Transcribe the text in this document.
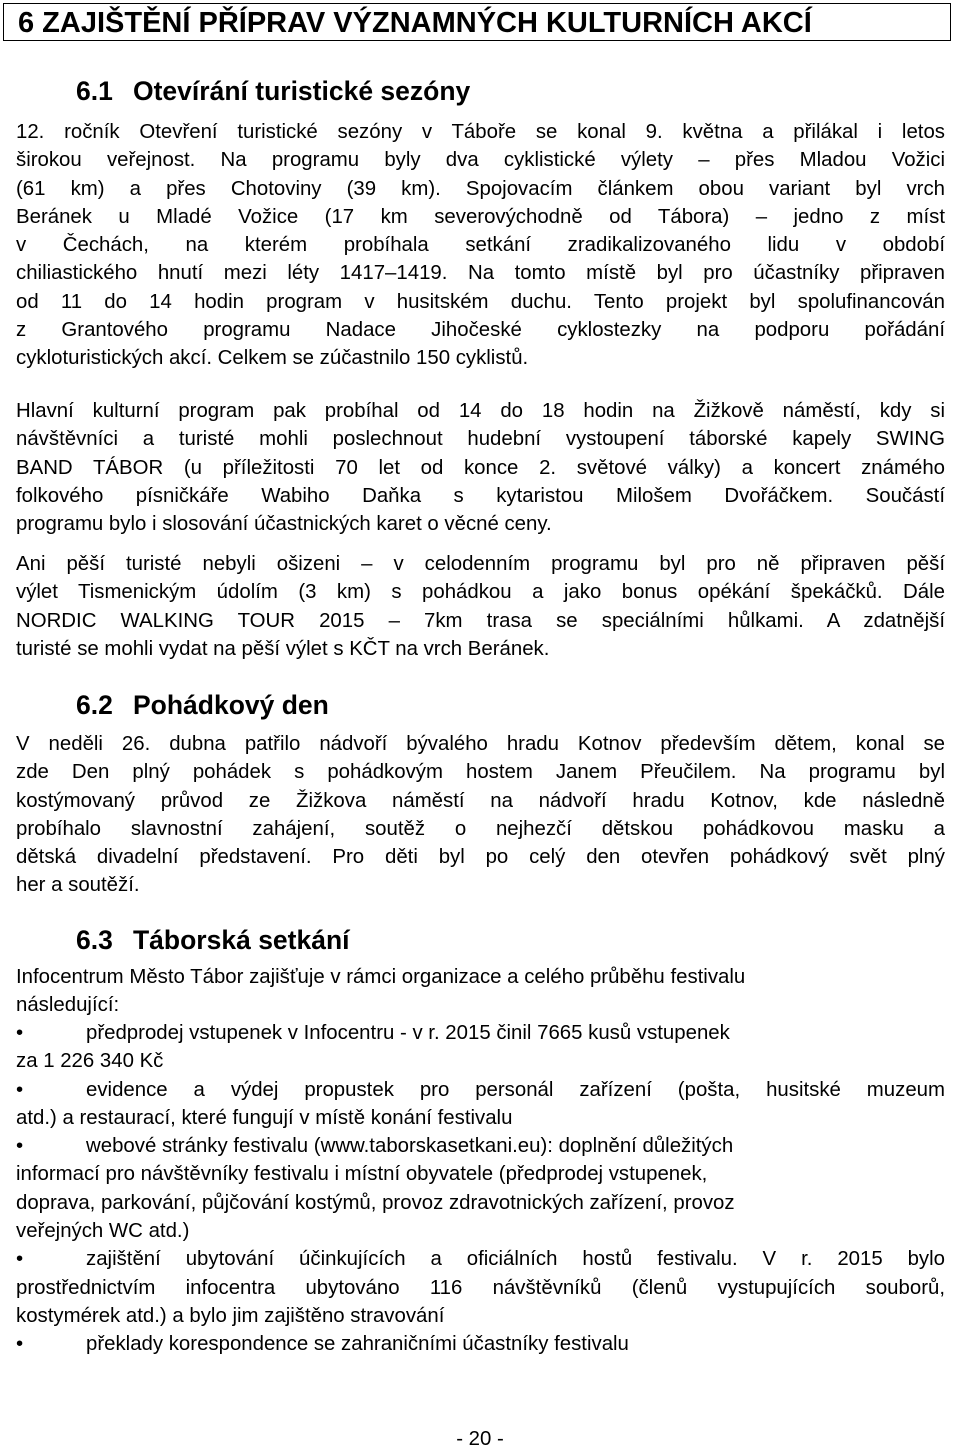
6 ZAJIŠTĚNÍ PŘÍPRAV VÝZNAMNÝCH KULTURNÍCH AKCÍ
6.1 Otevírání turistické sezóny
12. ročník Otevření turistické sezóny v Táboře se konal 9. května a přilákal i letos
širokou veřejnost. Na programu byly dva cyklistické výlety – přes Mladou Vožici
(61 km) a přes Chotoviny (39 km). Spojovacím článkem obou variant byl vrch
Beránek u Mladé Vožice (17 km severovýchodně od Tábora) – jedno z míst
v Čechách, na kterém probíhala setkání zradikalizovaného lidu v období
chiliastického hnutí mezi léty 1417–1419. Na tomto místě byl pro účastníky připraven
od 11 do 14 hodin program v husitském duchu. Tento projekt byl spolufinancován
z Grantového programu Nadace Jihočeské cyklostezky na podporu pořádání
cykloturistických akcí. Celkem se zúčastnilo 150 cyklistů.
Hlavní kulturní program pak probíhal od 14 do 18 hodin na Žižkově náměstí, kdy si
návštěvníci a turisté mohli poslechnout hudební vystoupení táborské kapely SWING
BAND TÁBOR (u příležitosti 70 let od konce 2. světové války) a koncert známého
folkového písničkáře Wabiho Daňka s kytaristou Milošem Dvořáčkem. Součástí
programu bylo i slosování účastnických karet o věcné ceny.
Ani pěší turisté nebyli ošizeni – v celodenním programu byl pro ně připraven pěší
výlet Tismenickým údolím (3 km) s pohádkou a jako bonus opékání špekáčků. Dále
NORDIC WALKING TOUR 2015 – 7km trasa se speciálními hůlkami. A zdatnější
turisté se mohli vydat na pěší výlet s KČT na vrch Beránek.
6.2 Pohádkový den
V neděli 26. dubna patřilo nádvoří bývalého hradu Kotnov především dětem, konal se
zde Den plný pohádek s pohádkovým hostem Janem Přeučilem. Na programu byl
kostýmovaný průvod ze Žižkova náměstí na nádvoří hradu Kotnov, kde následně
probíhalo slavnostní zahájení, soutěž o nejhezčí dětskou pohádkovou masku a
dětská divadelní představení. Pro děti byl po celý den otevřen pohádkový svět plný
her a soutěží.
6.3 Táborská setkání
Infocentrum Město Tábor zajišťuje v rámci organizace a celého průběhu festivalu
následující:
•	předprodej vstupenek v Infocentru - v r. 2015 činil 7665 kusů vstupenek
za 1 226 340 Kč
•	evidence a výdej propustek pro personál zařízení (pošta, husitské muzeum
atd.) a restaurací, které fungují v místě konání festivalu
•	webové stránky festivalu (www.taborskasetkani.eu): doplnění důležitých
informací pro návštěvníky festivalu i místní obyvatele (předprodej vstupenek,
doprava, parkování, půjčování kostýmů, provoz zdravotnických zařízení, provoz
veřejných WC atd.)
•	zajištění ubytování účinkujících a oficiálních hostů festivalu. V r. 2015 bylo
prostřednictvím infocentra ubytováno 116 návštěvníků (členů vystupujících souborů,
kostymérek atd.) a bylo jim zajištěno stravování
•	překlady korespondence se zahraničními účastníky festivalu
- 20 -
